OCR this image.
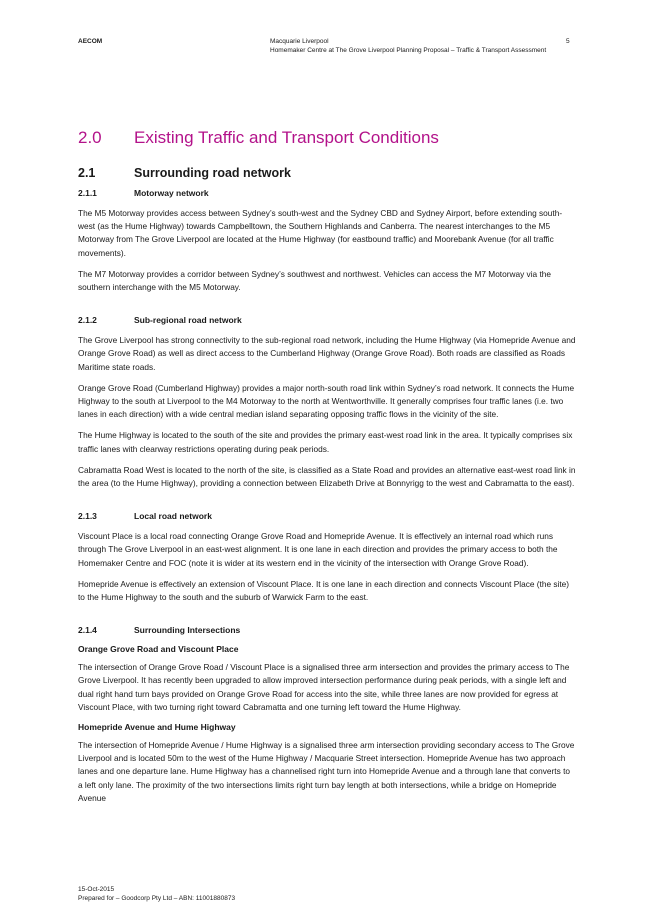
AECOM	Macquarie Liverpool
Homemaker Centre at The Grove Liverpool Planning Proposal – Traffic & Transport Assessment
5
2.0 Existing Traffic and Transport Conditions
2.1	Surrounding road network
2.1.1	Motorway network

The M5 Motorway provides access between Sydney’s south-west and the Sydney CBD and Sydney Airport, before extending south-west (as the Hume Highway) towards Campbelltown, the Southern Highlands and Canberra. The nearest interchanges to the M5 Motorway from The Grove Liverpool are located at the Hume Highway (for eastbound traffic) and Moorebank Avenue (for all traffic movements).

The M7 Motorway provides a corridor between Sydney’s southwest and northwest. Vehicles can access the M7 Motorway via the southern interchange with the M5 Motorway.

2.1.2	Sub-regional road network

The Grove Liverpool has strong connectivity to the sub-regional road network, including the Hume Highway (via Homepride Avenue and Orange Grove Road) as well as direct access to the Cumberland Highway (Orange Grove Road). Both roads are classified as Roads Maritime state roads.

Orange Grove Road (Cumberland Highway) provides a major north-south road link within Sydney’s road network. It connects the Hume Highway to the south at Liverpool to the M4 Motorway to the north at Wentworthville. It generally comprises four traffic lanes (i.e. two lanes in each direction) with a wide central median island separating opposing traffic flows in the vicinity of the site.

The Hume Highway is located to the south of the site and provides the primary east-west road link in the area. It typically comprises six traffic lanes with clearway restrictions operating during peak periods.

Cabramatta Road West is located to the north of the site, is classified as a State Road and provides an alternative east-west road link in the area (to the Hume Highway), providing a connection between Elizabeth Drive at Bonnyrigg to the west and Cabramatta to the east).

2.1.3	Local road network

Viscount Place is a local road connecting Orange Grove Road and Homepride Avenue. It is effectively an internal road which runs through The Grove Liverpool in an east-west alignment. It is one lane in each direction and provides the primary access to both the Homemaker Centre and FOC (note it is wider at its western end in the vicinity of the intersection with Orange Grove Road).

Homepride Avenue is effectively an extension of Viscount Place. It is one lane in each direction and connects Viscount Place (the site) to the Hume Highway to the south and the suburb of Warwick Farm to the east.

2.1.4	Surrounding Intersections
Orange Grove Road and Viscount Place

The intersection of Orange Grove Road / Viscount Place is a signalised three arm intersection and provides the primary access to The Grove Liverpool. It has recently been upgraded to allow improved intersection performance during peak periods, with a single left and dual right hand turn bays provided on Orange Grove Road for access into the site, while three lanes are now provided for egress at Viscount Place, with two turning right toward Cabramatta and one turning left toward the Hume Highway.

Homepride Avenue and Hume Highway

The intersection of Homepride Avenue / Hume Highway is a signalised three arm intersection providing secondary access to The Grove Liverpool and is located 50m to the west of the Hume Highway / Macquarie Street intersection. Homepride Avenue has two approach lanes and one departure lane. Hume Highway has a channelised right turn into Homepride Avenue and a through lane that converts to a left only lane. The proximity of the two intersections limits right turn bay length at both intersections, while a bridge on Homepride Avenue

15-Oct-2015
Prepared for – Goodcorp Pty Ltd – ABN: 11001880873
